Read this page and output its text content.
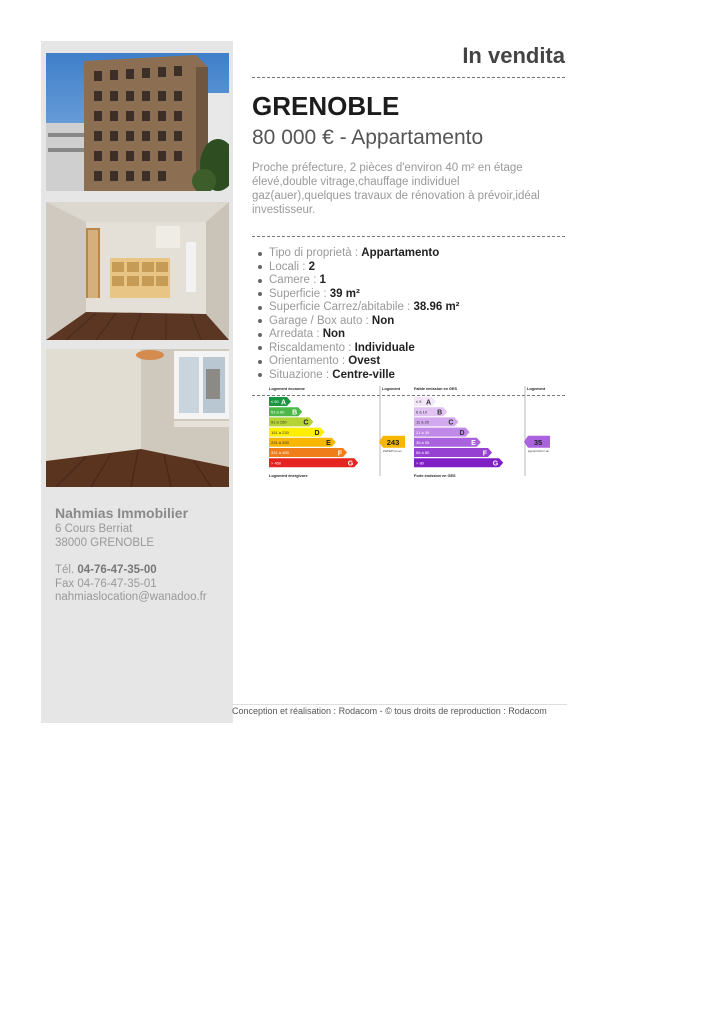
Nahmias Immobilier
6 Cours Berriat
38000 GRENOBLE
Tél. 04-76-47-35-00
Fax 04-76-47-35-01
nahmiaslocation@wanadoo.fr
In vendita
GRENOBLE
80 000 € - Appartamento

Proche préfecture, 2 pièces d'environ 40 m² en étage élevé,double vitrage,chauffage individuel gaz(auer),quelques travaux de rénovation à prévoir,idéal investisseur.

Tipo di proprietà : Appartamento
Locali : 2
Camere : 1
Superficie : 39 m²
Superficie Carrez/abitabile : 38.96 m²
Garage / Box auto : Non
Arredata : Non
Riscaldamento : Individuale
Orientamento : Ovest
Situazione : Centre-ville
Logement économe	Logement
≤ 50 A
51 à 90 B
91 à 150 C
151 à 230	D
231 à 330	E
331 à 450	F
> 450	G
Logement énergivore
243
kWhEP/m².an
Faible émission en GES	Logement
≤ 5 A
6 à 10 B
11 à 20	C
21 à 35	D
36 à 55	E
56 à 80	F
> 80	G
Forte émission en GES
35
kgéqCO2/m².an
Conception et réalisation : Rodacom - © tous droits de reproduction : Rodacom
